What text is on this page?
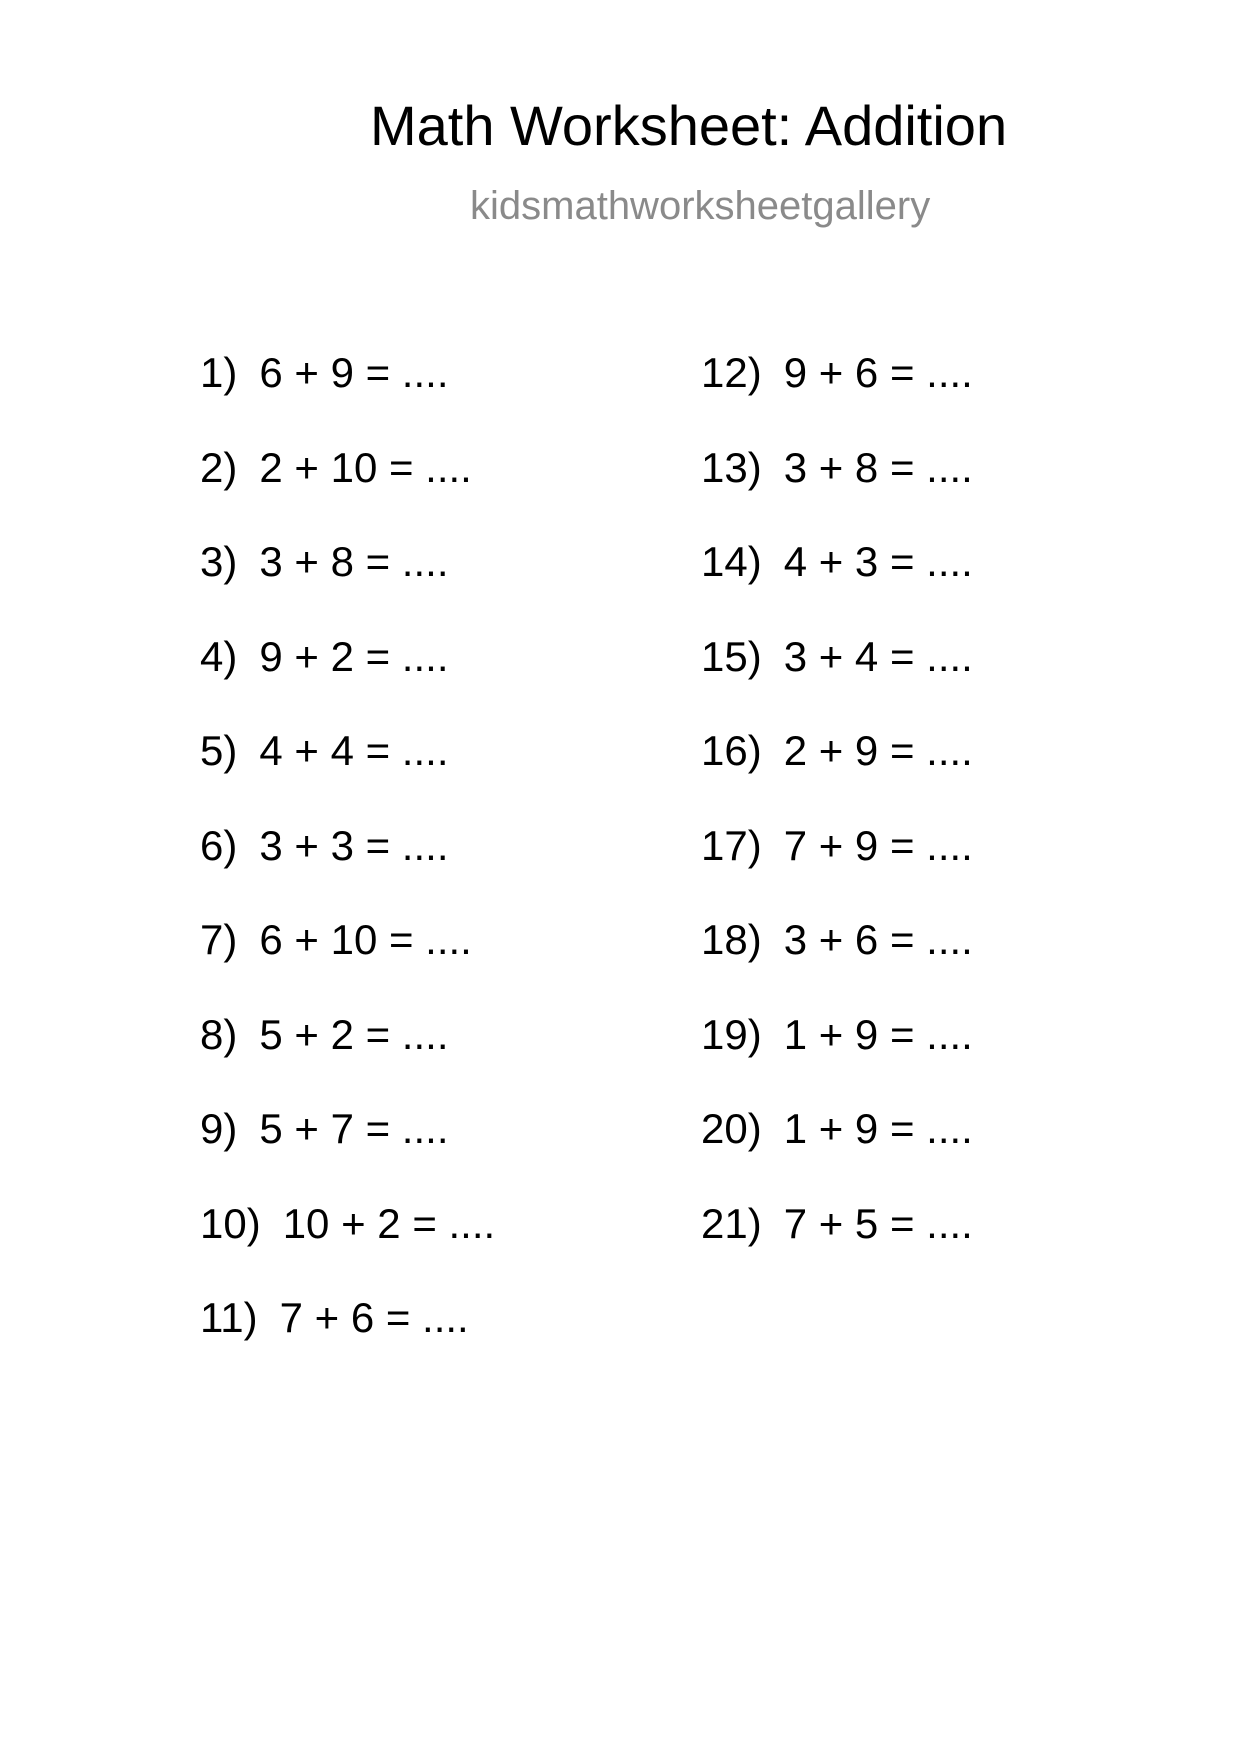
Math Worksheet: Addition
kidsmathworksheetgallery
1) 6 + 9 = ....
2) 2 + 10 = ....
3) 3 + 8 = ....
4) 9 + 2 = ....
5) 4 + 4 = ....
6) 3 + 3 = ....
7) 6 + 10 = ....
8) 5 + 2 = ....
9) 5 + 7 = ....
10) 10 + 2 = ....
11) 7 + 6 = ....
12) 9 + 6 = ....
13) 3 + 8 = ....
14) 4 + 3 = ....
15) 3 + 4 = ....
16) 2 + 9 = ....
17) 7 + 9 = ....
18) 3 + 6 = ....
19) 1 + 9 = ....
20) 1 + 9 = ....
21) 7 + 5 = ....
